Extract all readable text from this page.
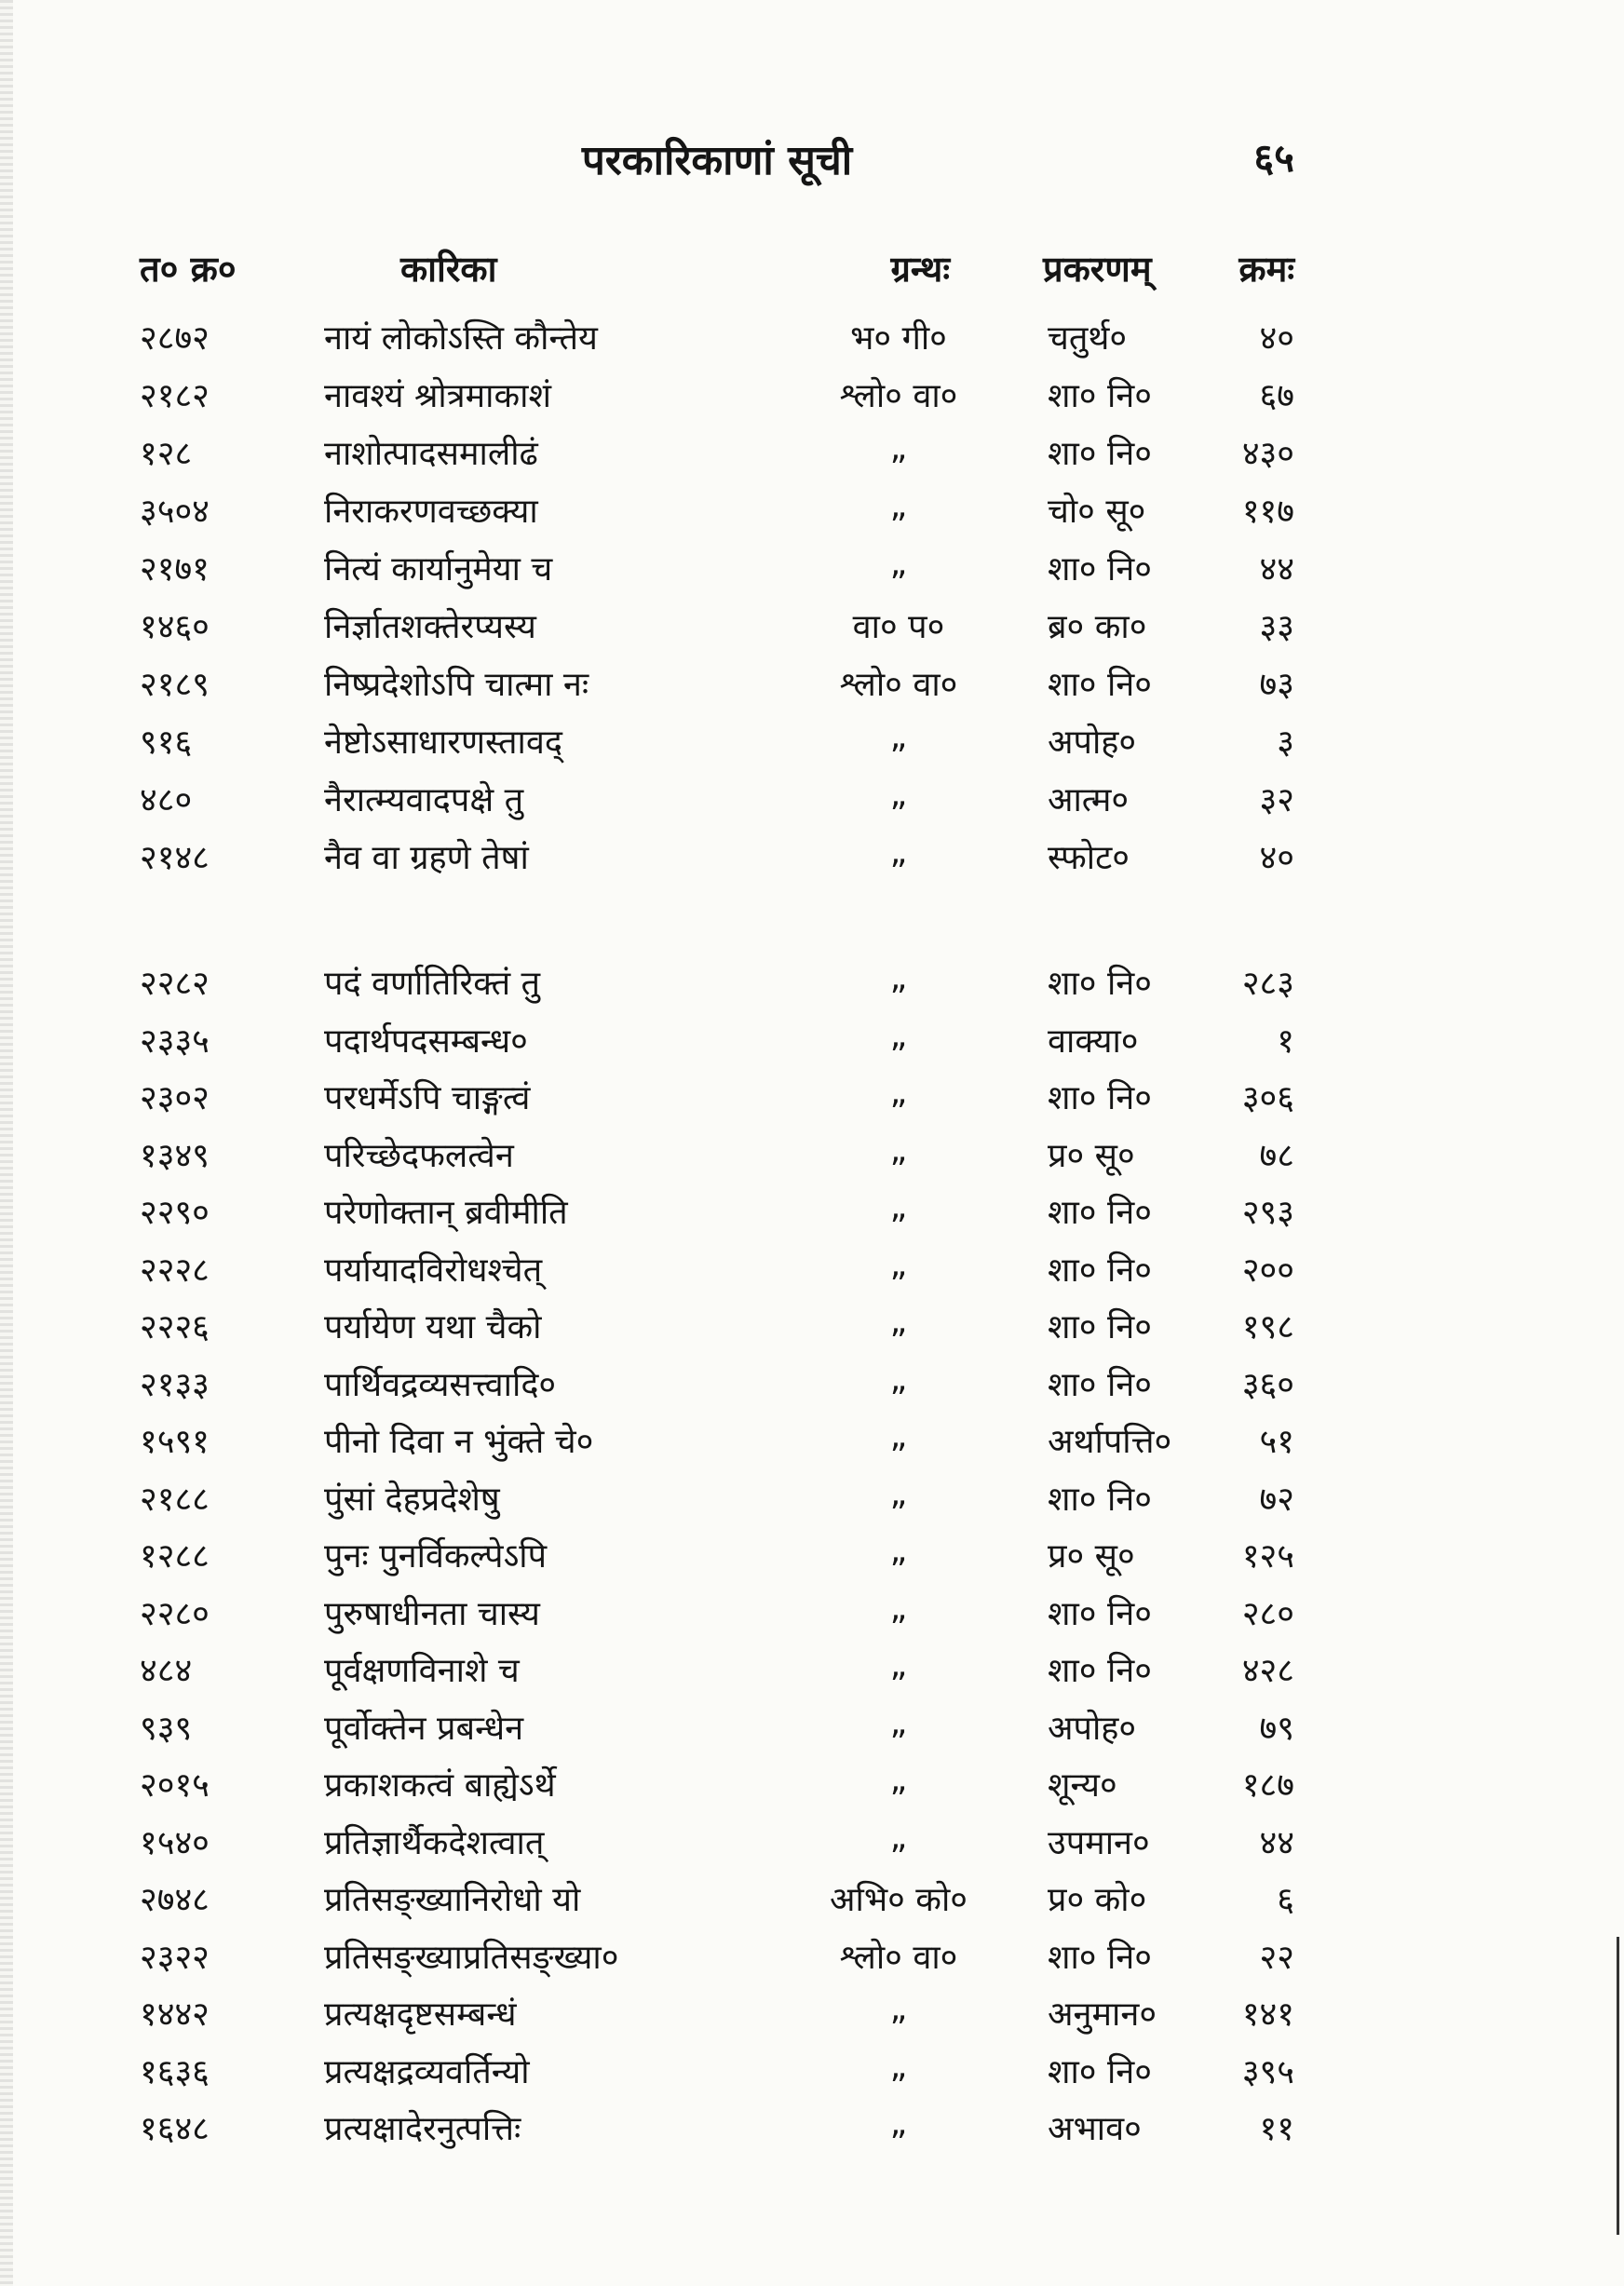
परकारिकाणां सूची	६५
त० क्र०	कारिका	ग्रन्थः	प्रकरणम्	क्रमः
२८७२	नायं लोकोऽस्ति कौन्तेय	भ० गी०	चतुर्थ०	४०
२१८२	नावश्यं श्रोत्रमाकाशं	श्लो० वा०	शा० नि०	६७
१२८	नाशोत्पादसमालीढं	„	शा० नि०	४३०
३५०४	निराकरणवच्छक्या	„	चो० सू०	११७
२१७१	नित्यं कार्यानुमेया च	„	शा० नि०	४४
१४६०	निर्ज्ञातशक्तेरप्यस्य	वा० प०	ब्र० का०	३३
२१८९	निष्प्रदेशोऽपि चात्मा नः	श्लो० वा०	शा० नि०	७३
९१६	नेष्टोऽसाधारणस्तावद्	„	अपोह०	३
४८०	नैरात्म्यवादपक्षे तु	„	आत्म०	३२
२१४८	नैव वा ग्रहणे तेषां	„	स्फोट०	४०
२२८२	पदं वर्णातिरिक्तं तु	„	शा० नि०	२८३
२३३५	पदार्थपदसम्बन्ध०	„	वाक्या०	१
२३०२	परधर्मेऽपि चाङ्गत्वं	„	शा० नि०	३०६
१३४९	परिच्छेदफलत्वेन	„	प्र० सू०	७८
२२९०	परेणोक्तान् ब्रवीमीति	„	शा० नि०	२९३
२२२८	पर्यायादविरोधश्चेत्	„	शा० नि०	२००
२२२६	पर्यायेण यथा चैको	„	शा० नि०	१९८
२१३३	पार्थिवद्रव्यसत्त्वादि०	„	शा० नि०	३६०
१५९१	पीनो दिवा न भुंक्ते चे०	„	अर्थापत्ति०	५१
२१८८	पुंसां देहप्रदेशेषु	„	शा० नि०	७२
१२८८	पुनः पुनर्विकल्पेऽपि	„	प्र० सू०	१२५
२२८०	पुरुषाधीनता चास्य	„	शा० नि०	२८०
४८४	पूर्वक्षणविनाशे च	„	शा० नि०	४२८
९३९	पूर्वोक्तेन प्रबन्धेन	„	अपोह०	७९
२०१५	प्रकाशकत्वं बाह्येऽर्थे	„	शून्य०	१८७
१५४०	प्रतिज्ञार्थैकदेशत्वात्	„	उपमान०	४४
२७४८	प्रतिसङ्ख्यानिरोधो यो	अभि० को०	प्र० को०	६
२३२२	प्रतिसङ्ख्याप्रतिसङ्ख्या०	श्लो० वा०	शा० नि०	२२
१४४२	प्रत्यक्षदृष्टसम्बन्धं	„	अनुमान०	१४१
१६३६	प्रत्यक्षद्रव्यवर्तिन्यो	„	शा० नि०	३९५
१६४८	प्रत्यक्षादेरनुत्पत्तिः	„	अभाव०	११
